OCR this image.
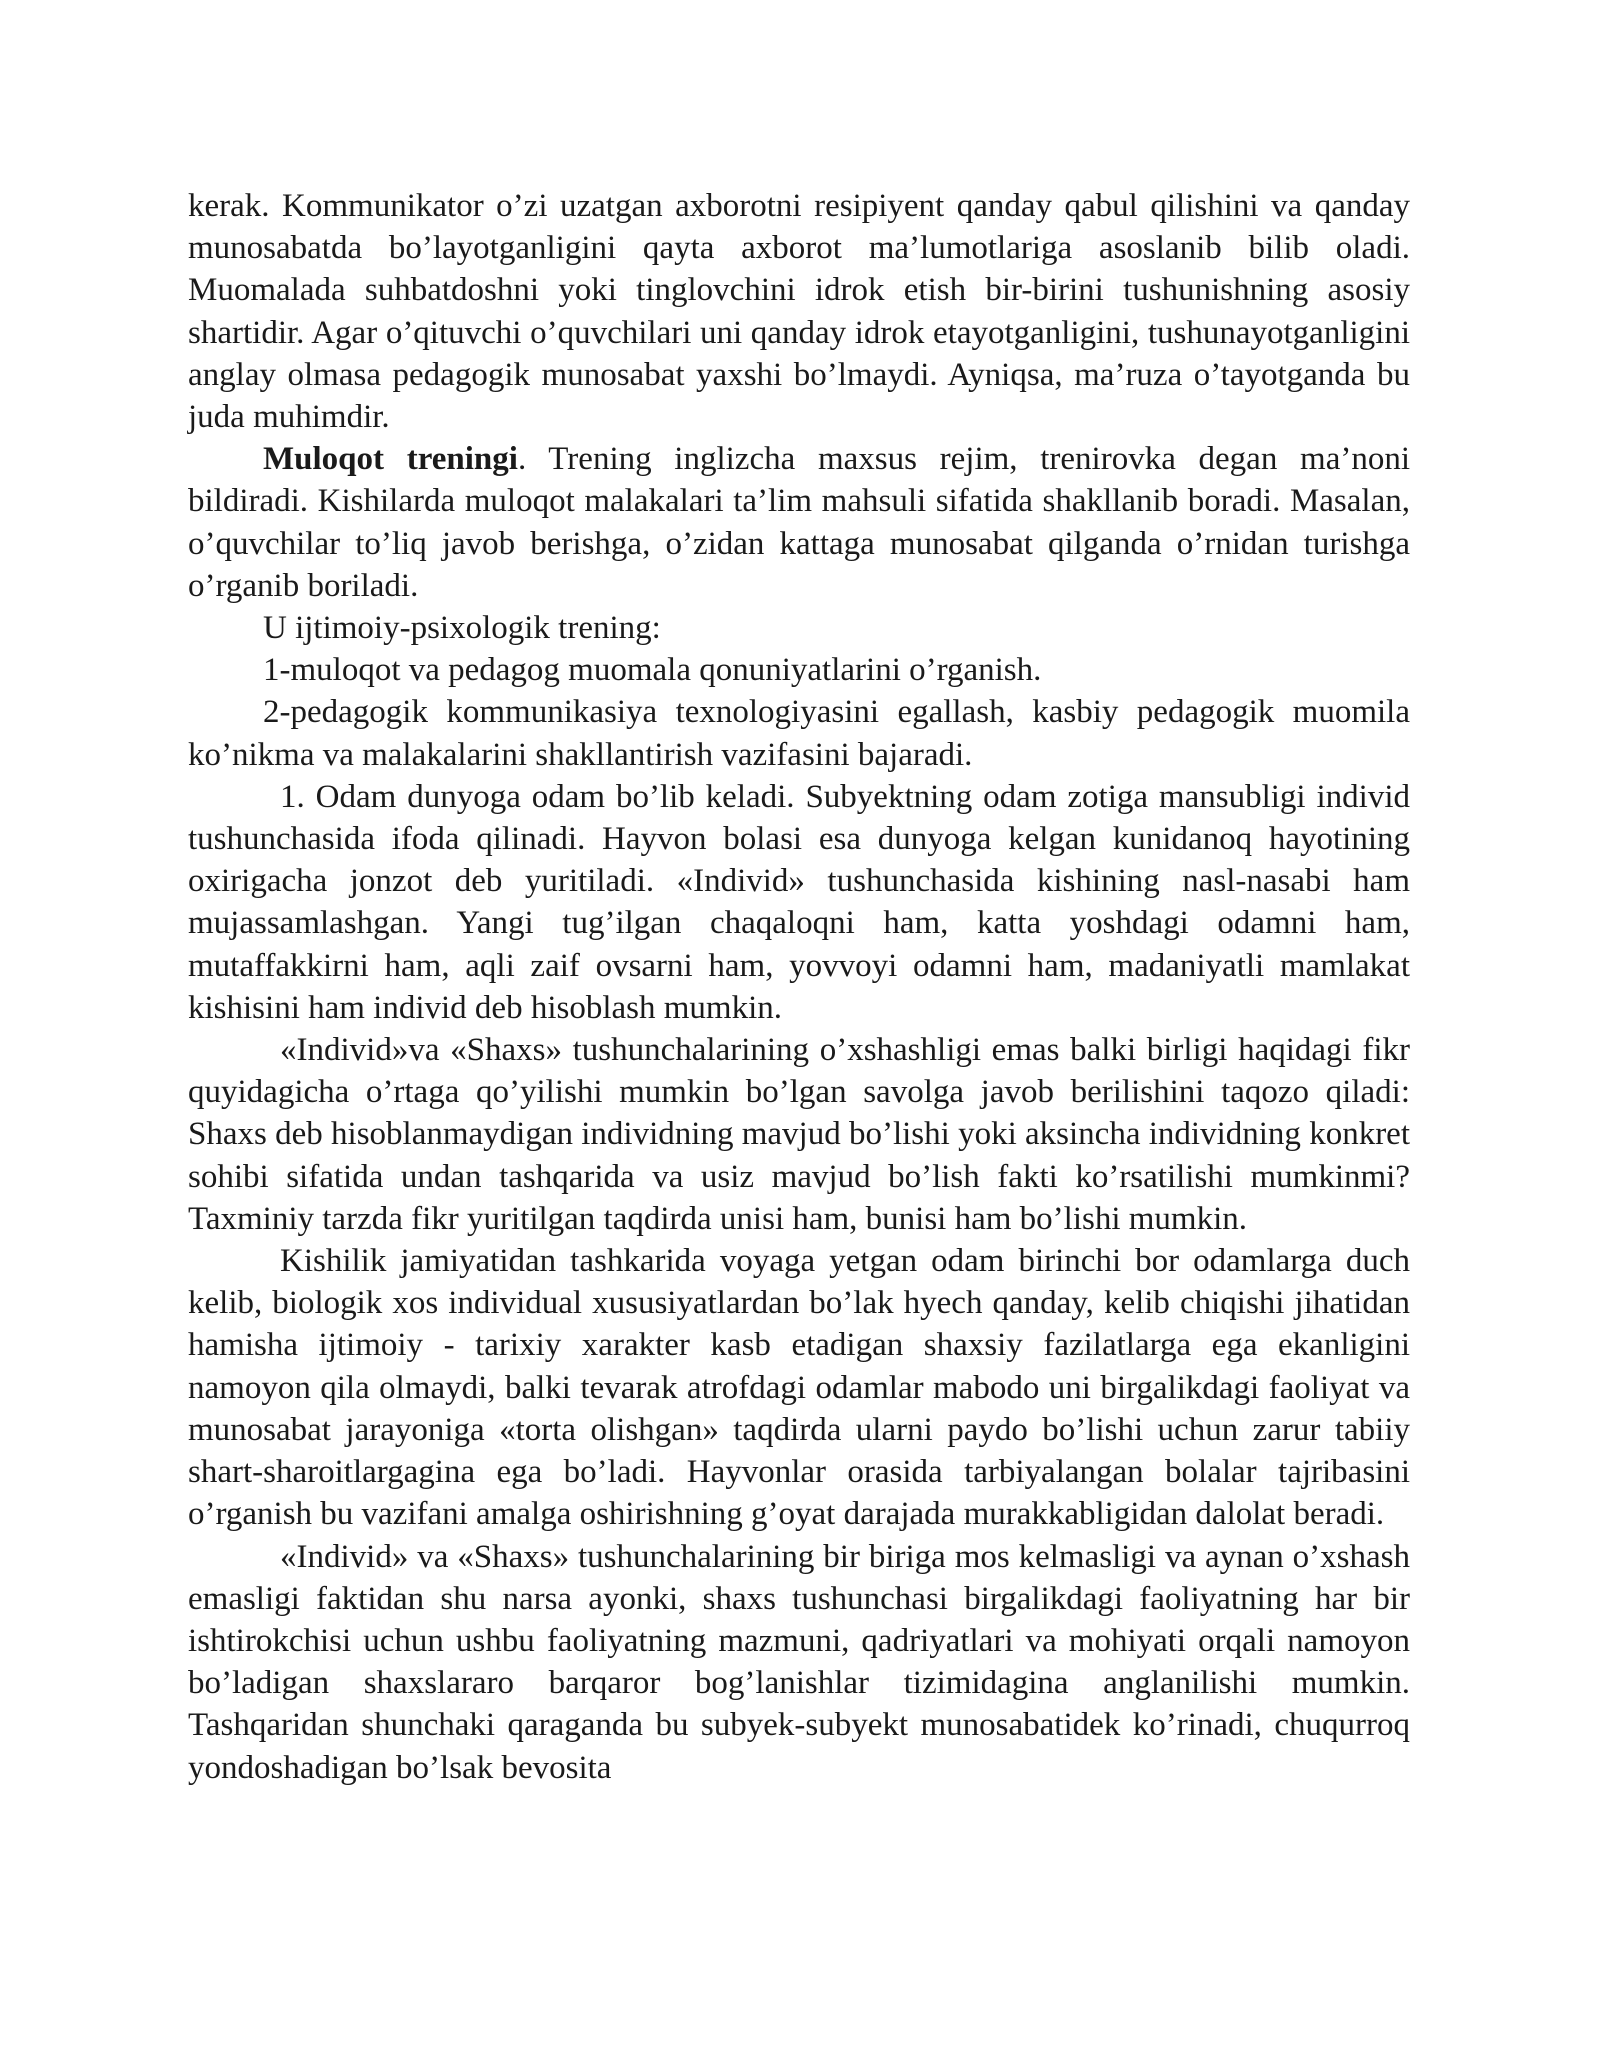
kerak. Kommunikator o’zi uzatgan axborotni resipiyent qanday qabul qilishini va qanday munosabatda bo’layotganligini qayta axborot ma’lumotlariga asoslanib bilib oladi. Muomalada suhbatdoshni yoki tinglovchini idrok etish bir-birini tushunishning asosiy shartidir. Agar o’qituvchi o’quvchilari uni qanday idrok etayotganligini, tushunayotganligini anglay olmasa pedagogik munosabat yaxshi bo’lmaydi. Ayniqsa, ma’ruza o’tayotganda bu juda muhimdir.

Muloqot treningi. Trening inglizcha maxsus rejim, trenirovka degan ma’noni bildiradi. Kishilarda muloqot malakalari ta’lim mahsuli sifatida shakllanib boradi. Masalan, o’quvchilar to’liq javob berishga, o’zidan kattaga munosabat qilganda o’rnidan turishga o’rganib boriladi.

U ijtimoiy-psixologik trening:

1-muloqot va pedagog muomala qonuniyatlarini o’rganish.

2-pedagogik kommunikasiya texnologiyasini egallash, kasbiy pedagogik muomila ko’nikma va malakalarini shakllantirish vazifasini bajaradi.

1. Odam dunyoga odam bo’lib keladi. Subyektning odam zotiga mansubligi individ tushunchasida ifoda qilinadi. Hayvon bolasi esa dunyoga kelgan kunidanoq hayotining oxirigacha jonzot deb yuritiladi. «Individ» tushunchasida kishining nasl-nasabi ham mujassamlashgan. Yangi tug’ilgan chaqaloqni ham, katta yoshdagi odamni ham, mutaffakkirni ham, aqli zaif ovsarni ham, yovvoyi odamni ham, madaniyatli mamlakat kishisini ham individ deb hisoblash mumkin.

«Individ»va «Shaxs» tushunchalarining o’xshashligi emas balki birligi haqidagi fikr quyidagicha o’rtaga qo’yilishi mumkin bo’lgan savolga javob berilishini taqozo qiladi: Shaxs deb hisoblanmaydigan individning mavjud bo’lishi yoki aksincha individning konkret sohibi sifatida undan tashqarida va usiz mavjud bo’lish fakti ko’rsatilishi mumkinmi? Taxminiy tarzda fikr yuritilgan taqdirda unisi ham, bunisi ham bo’lishi mumkin.

Kishilik jamiyatidan tashkarida voyaga yetgan odam birinchi bor odamlarga duch kelib, biologik xos individual xususiyatlardan bo’lak hyech qanday, kelib chiqishi jihatidan hamisha ijtimoiy - tarixiy xarakter kasb etadigan shaxsiy fazilatlarga ega ekanligini namoyon qila olmaydi, balki tevarak atrofdagi odamlar mabodo uni birgalikdagi faoliyat va munosabat jarayoniga «torta olishgan» taqdirda ularni paydo bo’lishi uchun zarur tabiiy shart-sharoitlargagina ega bo’ladi. Hayvonlar orasida tarbiyalangan bolalar tajribasini o’rganish bu vazifani amalga oshirishning g’oyat darajada murakkabligidan dalolat beradi.

«Individ» va «Shaxs» tushunchalarining bir biriga mos kelmasligi va aynan o’xshash emasligi faktidan shu narsa ayonki, shaxs tushunchasi birgalikdagi faoliyatning har bir ishtirokchisi uchun ushbu faoliyatning mazmuni, qadriyatlari va mohiyati orqali namoyon bo’ladigan shaxslararo barqaror bog’lanishlar tizimidagina anglanilishi mumkin. Tashqaridan shunchaki qaraganda bu subyek-subyekt munosabatidek ko’rinadi, chuqurroq yondoshadigan bo’lsak bevosita
